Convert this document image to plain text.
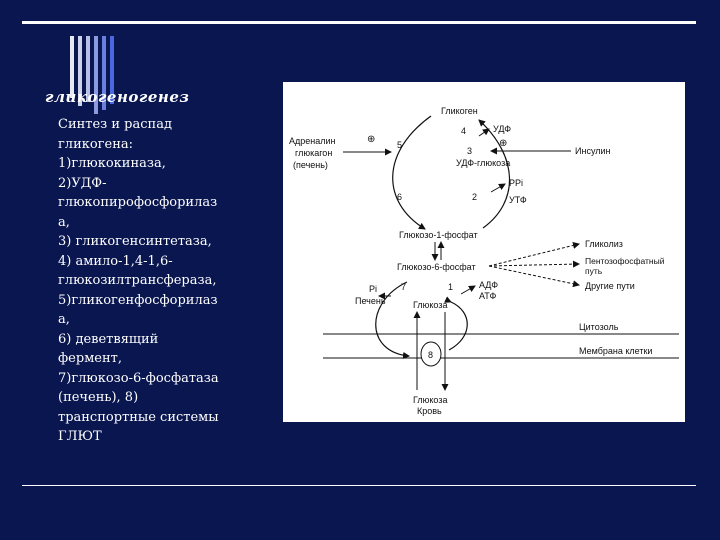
гликогеногенез
Синтез и распад
гликогена:
1)глюкокиназа,
2)УДФ-
глюкопирофосфорилаз
а,
3) гликогенсинтетаза,
4) амило-1,4-1,6-
глюкозилтрансфераза,
5)гликогенфосфорилаз
а,
6) деветвящий
фермент,
7)глюкозо-6-фосфатаза
(печень), 8)
транспортные системы
ГЛЮТ
Гликоген
4
3
5
6	2
1
7
УДФ
УДФ-глюкоза
PPi
УТФ
Адреналин
глюкагон
(печень)
⊕	⊕
Инсулин
Глюкозо-1-фосфат
Глюкозо-6-фосфат
Гликолиз
Пентозофосфатный
путь
Другие пути
Pi
Печень
АДФ
АТФ
Глюкоза
Цитозоль
Мембрана клетки
8
Глюкоза
Кровь
